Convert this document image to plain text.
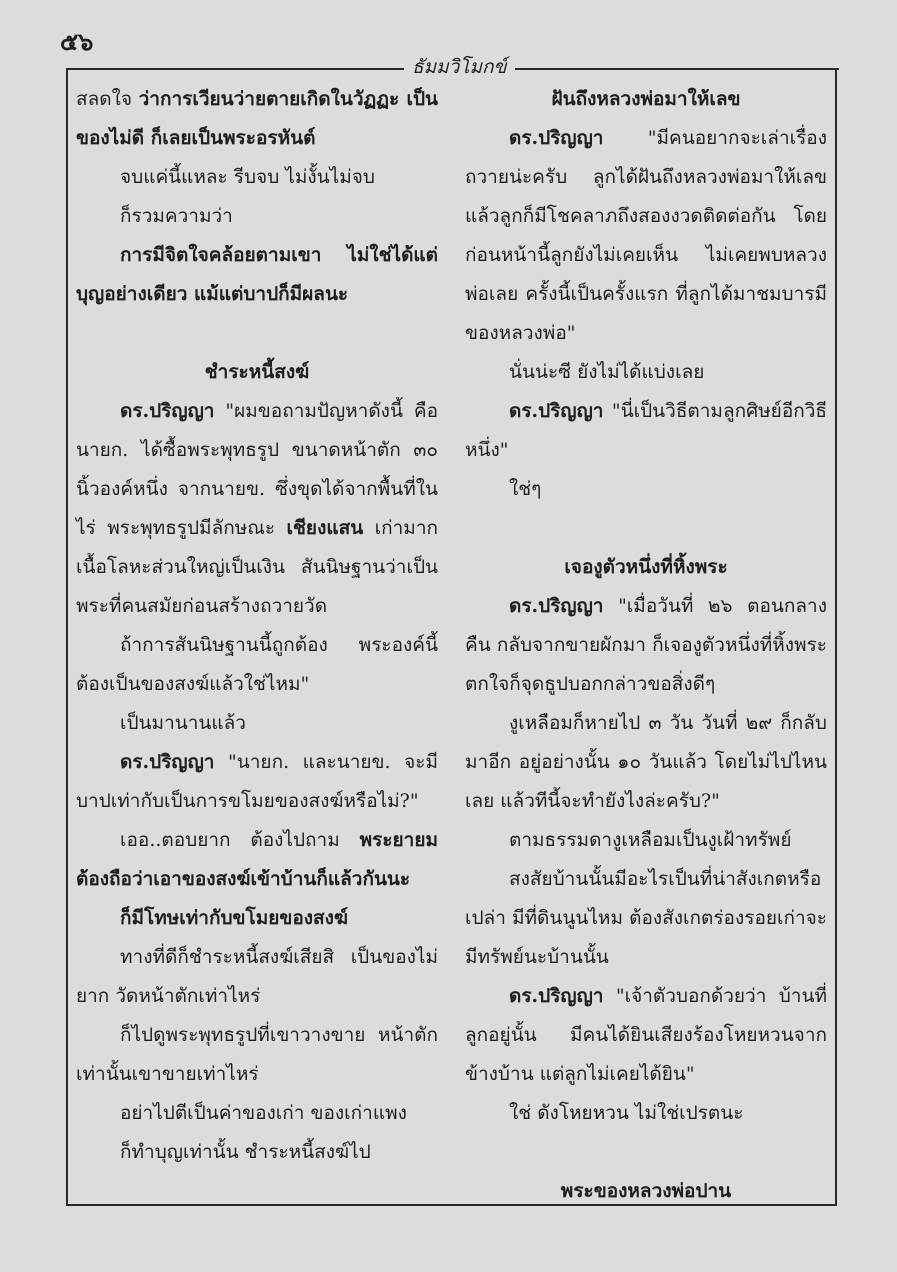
๕๖
ธัมมวิโมกข์

สลดใจ ว่าการเวียนว่ายตายเกิดในวัฏฏะ เป็นของไม่ดี ก็เลยเป็นพระอรหันต์

จบแค่นี้แหละ รีบจบ ไม่งั้นไม่จบ

ก็รวมความว่า

การมีจิตใจคล้อยตามเขา ไม่ใช่ได้แต่บุญอย่างเดียว แม้แต่บาปก็มีผลนะ

ชำระหนี้สงฆ์

ดร.ปริญญา "ผมขอถามปัญหาดังนี้ คือ นายก. ได้ซื้อพระพุทธรูป ขนาดหน้าตัก ๓๐ นิ้วองค์หนึ่ง จากนายข. ซึ่งขุดได้จากพื้นที่ในไร่ พระพุทธรูปมีลักษณะ เชียงแสน เก่ามาก เนื้อโลหะส่วนใหญ่เป็นเงิน สันนิษฐานว่าเป็นพระที่คนสมัยก่อนสร้างถวายวัด

ถ้าการสันนิษฐานนี้ถูกต้อง พระองค์นี้ต้องเป็นของสงฆ์แล้วใช่ไหม"

เป็นมานานแล้ว

ดร.ปริญญา "นายก. และนายข. จะมีบาปเท่ากับเป็นการขโมยของสงฆ์หรือไม่?"

เออ..ตอบยาก ต้องไปถาม พระยายมต้องถือว่าเอาของสงฆ์เข้าบ้านก็แล้วกันนะ

ก็มีโทษเท่ากับขโมยของสงฆ์

ทางที่ดีก็ชำระหนี้สงฆ์เสียสิ เป็นของไม่ยาก วัดหน้าตักเท่าไหร่

ก็ไปดูพระพุทธรูปที่เขาวางขาย หน้าตักเท่านั้นเขาขายเท่าไหร่

อย่าไปตีเป็นค่าของเก่า ของเก่าแพง

ก็ทำบุญเท่านั้น ชำระหนี้สงฆ์ไป

ฝันถึงหลวงพ่อมาให้เลข

ดร.ปริญญา "มีคนอยากจะเล่าเรื่องถวายน่ะครับ ลูกได้ฝันถึงหลวงพ่อมาให้เลข แล้วลูกก็มีโชคลาภถึงสองงวดติดต่อกัน โดยก่อนหน้านี้ลูกยังไม่เคยเห็น ไม่เคยพบหลวงพ่อเลย ครั้งนี้เป็นครั้งแรก ที่ลูกได้มาชมบารมีของหลวงพ่อ"

นั่นน่ะซี ยังไม่ได้แบ่งเลย

ดร.ปริญญา "นี่เป็นวิธีตามลูกศิษย์อีกวิธีหนึ่ง"

ใช่ๆ

เจองูตัวหนึ่งที่หิ้งพระ

ดร.ปริญญา "เมื่อวันที่ ๒๖ ตอนกลางคืน กลับจากขายผักมา ก็เจองูตัวหนึ่งที่หิ้งพระ ตกใจก็จุดธูปบอกกล่าวขอสิ่งดีๆ

งูเหลือมก็หายไป ๓ วัน วันที่ ๒๙ ก็กลับมาอีก อยู่อย่างนั้น ๑๐ วันแล้ว โดยไม่ไปไหนเลย แล้วทีนี้จะทำยังไงล่ะครับ?"

ตามธรรมดางูเหลือมเป็นงูเฝ้าทรัพย์

สงสัยบ้านนั้นมีอะไรเป็นที่น่าสังเกตหรือเปล่า มีที่ดินนูนไหม ต้องสังเกตร่องรอยเก่าจะมีทรัพย์นะบ้านนั้น

ดร.ปริญญา "เจ้าตัวบอกด้วยว่า บ้านที่ลูกอยู่นั้น มีคนได้ยินเสียงร้องโหยหวนจากข้างบ้าน แต่ลูกไม่เคยได้ยิน"

ใช่ ดังโหยหวน ไม่ใช่เปรตนะ

พระของหลวงพ่อปาน
